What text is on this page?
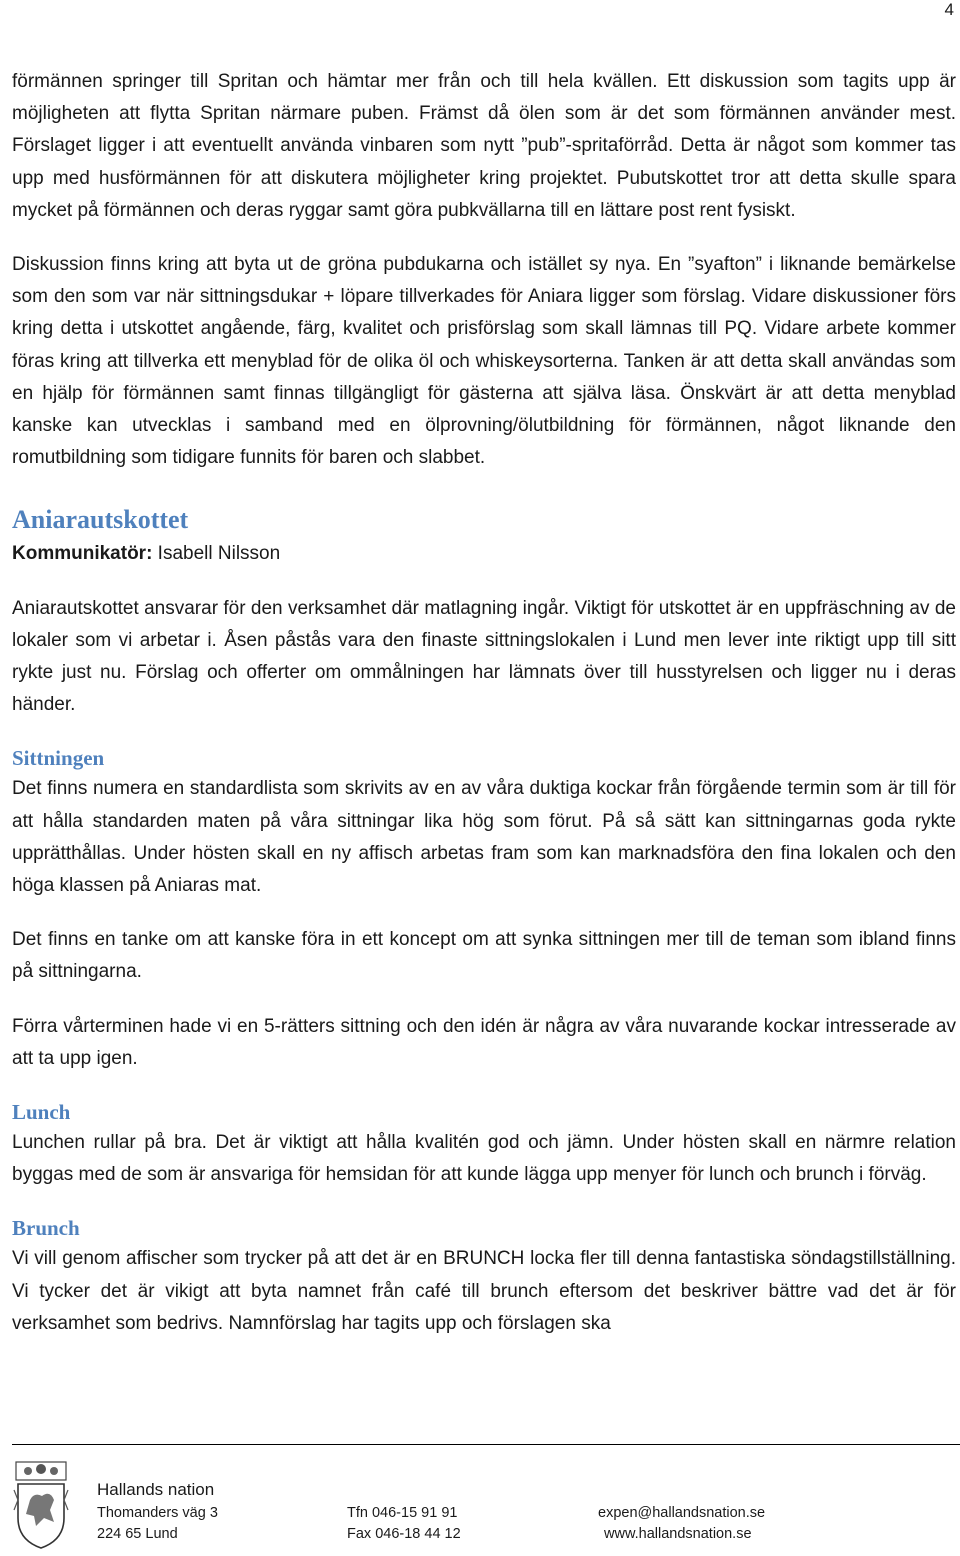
4

förmännen springer till Spritan och hämtar mer från och till hela kvällen. Ett diskussion som tagits upp är möjligheten att flytta Spritan närmare puben. Främst då ölen som är det som förmännen använder mest. Förslaget ligger i att eventuellt använda vinbaren som nytt ”pub”-spritaförråd. Detta är något som kommer tas upp med husförmännen för att diskutera möjligheter kring projektet. Pubutskottet tror att detta skulle spara mycket på förmännen och deras ryggar samt göra pubkvällarna till en lättare post rent fysiskt.

Diskussion finns kring att byta ut de gröna pubdukarna och istället sy nya. En ”syafton” i liknande bemärkelse som den som var när sittningsdukar + löpare tillverkades för Aniara ligger som förslag. Vidare diskussioner förs kring detta i utskottet angående, färg, kvalitet och prisförslag som skall lämnas till PQ. Vidare arbete kommer föras kring att tillverka ett menyblad för de olika öl och whiskeysorterna. Tanken är att detta skall användas som en hjälp för förmännen samt finnas tillgängligt för gästerna att själva läsa. Önskvärt är att detta menyblad kanske kan utvecklas i samband med en ölprovning/ölutbildning för förmännen, något liknande den romutbildning som tidigare funnits för baren och slabbet.

Aniarautskottet

Kommunikatör: Isabell Nilsson

Aniarautskottet ansvarar för den verksamhet där matlagning ingår. Viktigt för utskottet är en uppfräschning av de lokaler som vi arbetar i. Åsen påstås vara den finaste sittningslokalen i Lund men lever inte riktigt upp till sitt rykte just nu. Förslag och offerter om ommålningen har lämnats över till husstyrelsen och ligger nu i deras händer.

Sittningen

Det finns numera en standardlista som skrivits av en av våra duktiga kockar från förgående termin som är till för att hålla standarden maten på våra sittningar lika hög som förut. På så sätt kan sittningarnas goda rykte upprätthållas. Under hösten skall en ny affisch arbetas fram som kan marknadsföra den fina lokalen och den höga klassen på Aniaras mat.

Det finns en tanke om att kanske föra in ett koncept om att synka sittningen mer till de teman som ibland finns på sittningarna.

Förra vårterminen hade vi en 5-rätters sittning och den idén är några av våra nuvarande kockar intresserade av att ta upp igen.

Lunch

Lunchen rullar på bra. Det är viktigt att hålla kvalitén god och jämn. Under hösten skall en närmre relation byggas med de som är ansvariga för hemsidan för att kunde lägga upp menyer för lunch och brunch i förväg.

Brunch

Vi vill genom affischer som trycker på att det är en BRUNCH locka fler till denna fantastiska söndagstillställning. Vi tycker det är vikigt att byta namnet från café till brunch eftersom det beskriver bättre vad det är för verksamhet som bedrivs. Namnförslag har tagits upp och förslagen ska

Hallands nation
Thomanders väg 3
224 65 Lund
Tfn 046-15 91 91
Fax 046-18 44 12
expen@hallandsnation.se
www.hallandsnation.se
